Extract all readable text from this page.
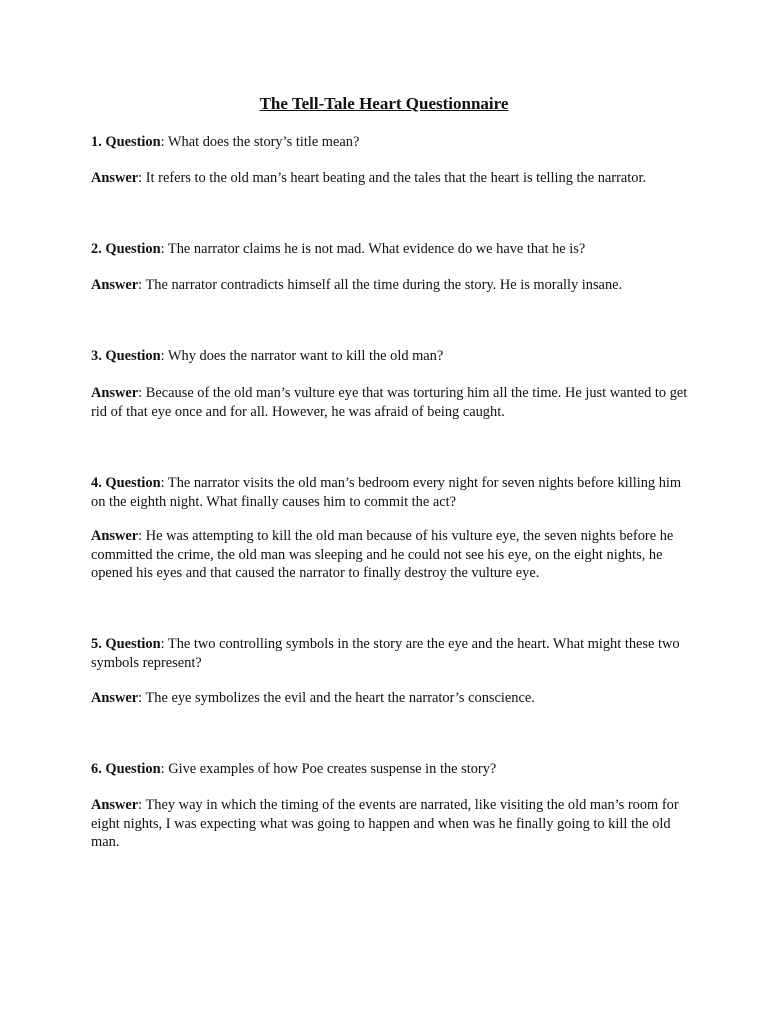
The Tell-Tale Heart Questionnaire

1. Question: What does the story’s title mean?

Answer: It refers to the old man’s heart beating and the tales that the heart is telling the narrator.

2. Question: The narrator claims he is not mad. What evidence do we have that he is?

Answer: The narrator contradicts himself all the time during the story. He is morally insane.

3. Question: Why does the narrator want to kill the old man?

Answer: Because of the old man’s vulture eye that was torturing him all the time. He just wanted to get rid of that eye once and for all. However, he was afraid of being caught.

4. Question: The narrator visits the old man’s bedroom every night for seven nights before killing him on the eighth night. What finally causes him to commit the act?

Answer: He was attempting to kill the old man because of his vulture eye, the seven nights before he committed the crime, the old man was sleeping and he could not see his eye, on the eight nights, he opened his eyes and that caused the narrator to finally destroy the vulture eye.

5. Question: The two controlling symbols in the story are the eye and the heart. What might these two symbols represent?

Answer: The eye symbolizes the evil and the heart the narrator’s conscience.

6. Question: Give examples of how Poe creates suspense in the story?

Answer: They way in which the timing of the events are narrated, like visiting the old man’s room for eight nights, I was expecting what was going to happen and when was he finally going to kill the old man.
